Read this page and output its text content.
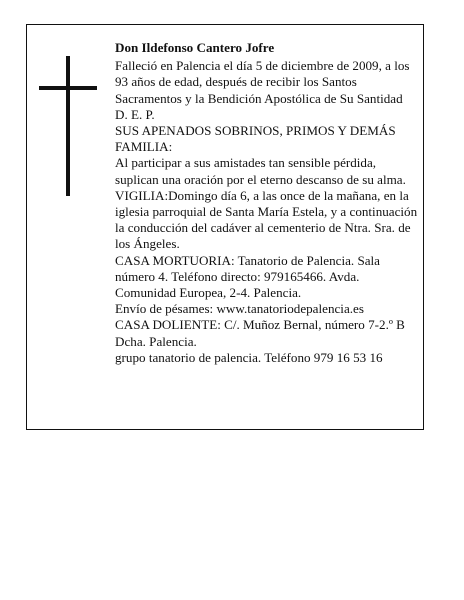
Don Ildefonso Cantero Jofre

Falleció en Palencia el día 5 de diciembre de 2009, a los 93 años de edad, después de recibir los Santos Sacramentos y la Bendición Apostólica de Su Santidad

D. E. P.

SUS APENADOS SOBRINOS, PRIMOS Y DEMÁS FAMILIA:

Al participar a sus amistades tan sensible pérdida, suplican una oración por el eterno descanso de su alma.

VIGILIA:Domingo día 6, a las once de la mañana, en la iglesia parroquial de Santa María Estela, y a continuación la conducción del cadáver al cementerio de Ntra. Sra. de los Ángeles.

CASA MORTUORIA: Tanatorio de Palencia. Sala número 4. Teléfono directo: 979165466. Avda. Comunidad Europea, 2-4. Palencia.

Envío de pésames: www.tanatoriodepalencia.es

CASA DOLIENTE: C/. Muñoz Bernal, número 7-2.º B Dcha. Palencia.

grupo tanatorio de palencia. Teléfono 979 16 53 16
